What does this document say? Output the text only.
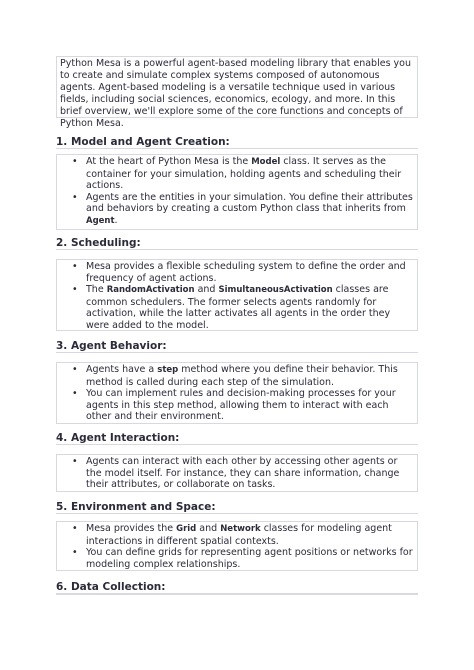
Python Mesa is a powerful agent-based modeling library that enables you to create and simulate complex systems composed of autonomous agents. Agent-based modeling is a versatile technique used in various fields, including social sciences, economics, ecology, and more. In this brief overview, we'll explore some of the core functions and concepts of Python Mesa.
1. Model and Agent Creation:
• At the heart of Python Mesa is the Model class. It serves as the container for your simulation, holding agents and scheduling their actions.
• Agents are the entities in your simulation. You define their attributes and behaviors by creating a custom Python class that inherits from Agent.
2. Scheduling:
• Mesa provides a flexible scheduling system to define the order and frequency of agent actions.
• The RandomActivation and SimultaneousActivation classes are common schedulers. The former selects agents randomly for activation, while the latter activates all agents in the order they were added to the model.
3. Agent Behavior:
• Agents have a step method where you define their behavior. This method is called during each step of the simulation.
• You can implement rules and decision-making processes for your agents in this step method, allowing them to interact with each other and their environment.
4. Agent Interaction:
• Agents can interact with each other by accessing other agents or the model itself. For instance, they can share information, change their attributes, or collaborate on tasks.
5. Environment and Space:
• Mesa provides the Grid and Network classes for modeling agent interactions in different spatial contexts.
• You can define grids for representing agent positions or networks for modeling complex relationships.
6. Data Collection:
